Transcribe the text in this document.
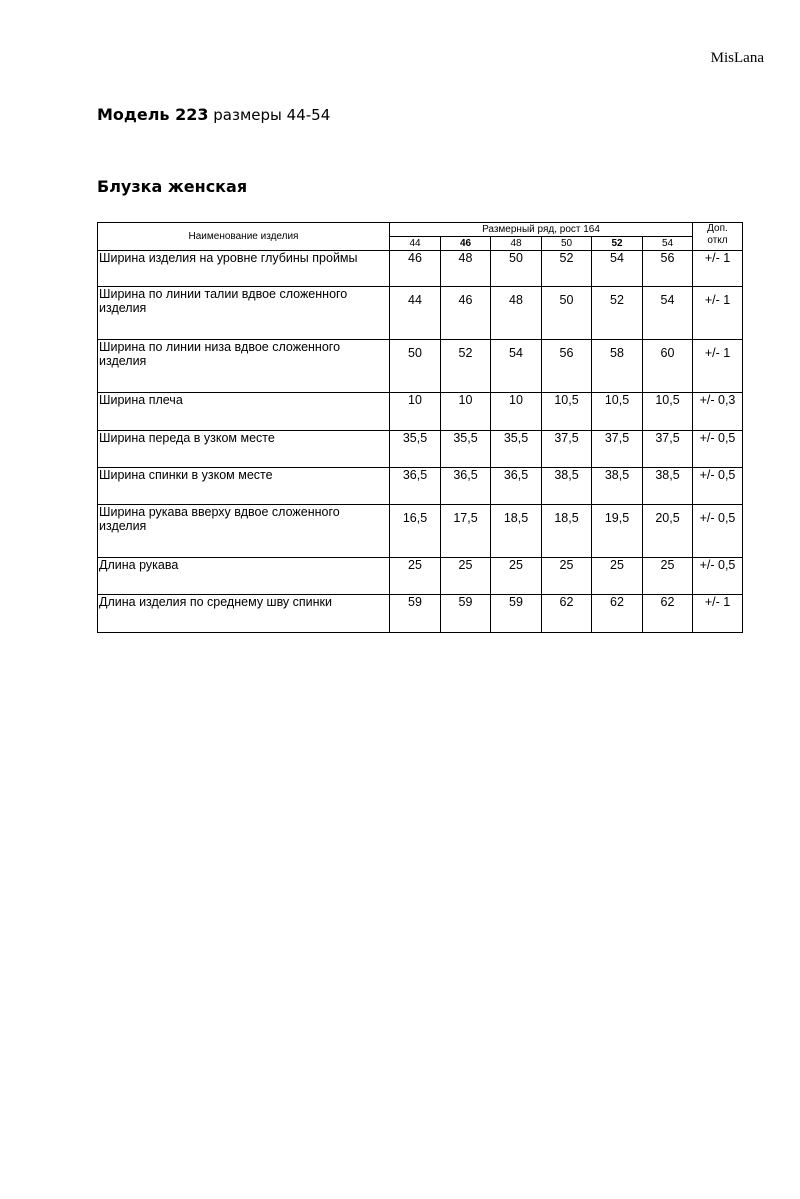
MisLana
Модель 223 размеры 44-54
Блузка женская
Наименование изделия	Размерный ряд, рост 164						Доп.
откл

	44	46	48	50	52	54	
Ширина изделия на уровне глубины проймы	46	48	50	52	54	56	+/- 1
Ширина по линии талии вдвое сложенного изделия	44	46	48	50	52	54	+/- 1
Ширина по линии низа вдвое сложенного изделия	50	52	54	56	58	60	+/- 1
Ширина плеча	10	10	10	10,5	10,5	10,5	+/- 0,3
Ширина переда в узком месте	35,5	35,5	35,5	37,5	37,5	37,5	+/- 0,5
Ширина спинки в узком месте	36,5	36,5	36,5	38,5	38,5	38,5	+/- 0,5
Ширина рукава вверху вдвое сложенного изделия	16,5	17,5	18,5	18,5	19,5	20,5	+/- 0,5
Длина рукава	25	25	25	25	25	25	+/- 0,5
Длина изделия по среднему шву спинки	59	59	59	62	62	62	+/- 1
